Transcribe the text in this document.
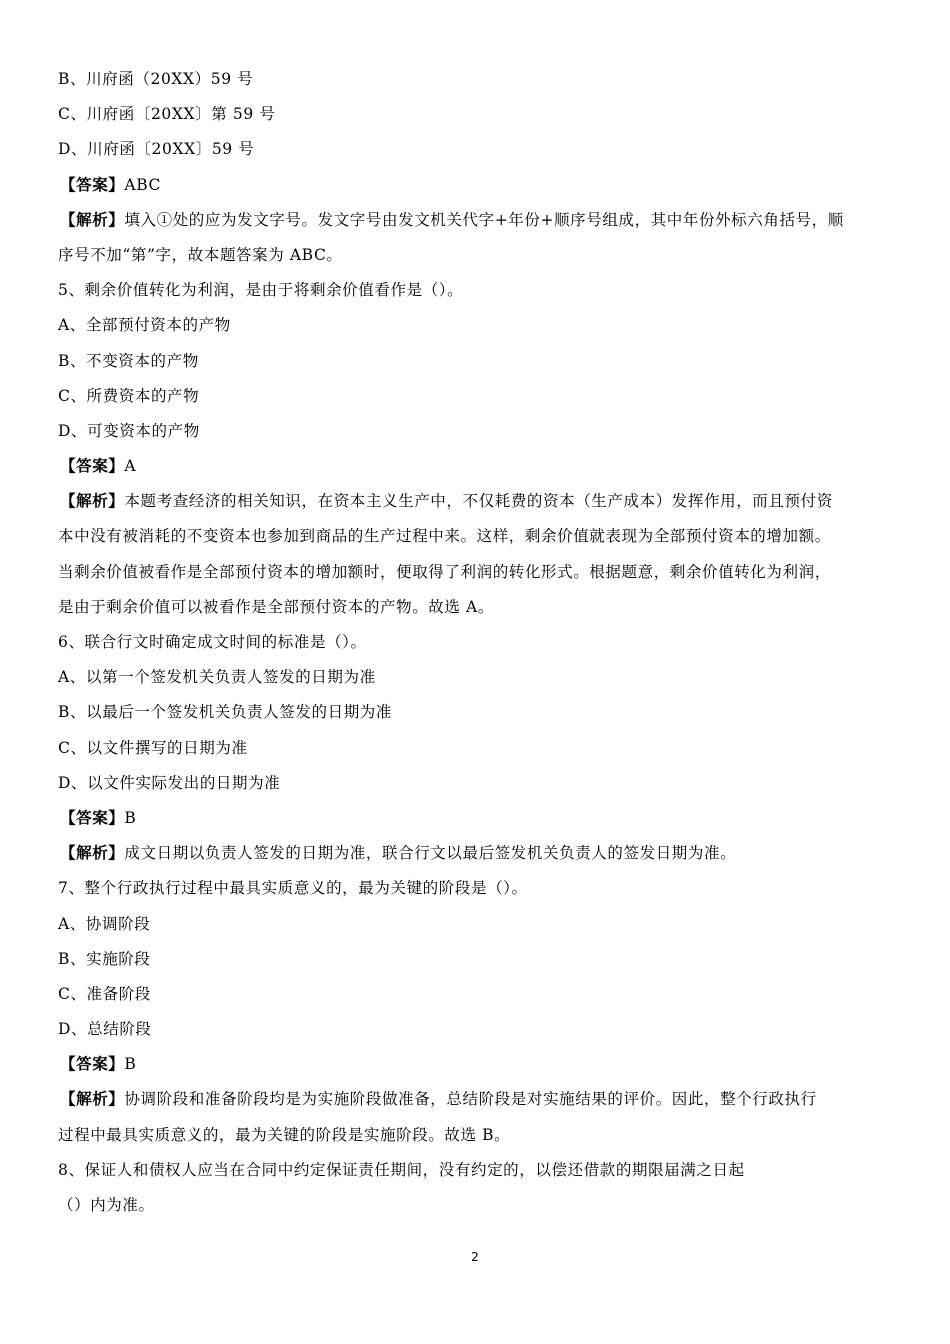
B、川府函（20XX）59 号
C、川府函〔20XX〕第 59 号
D、川府函〔20XX〕59 号
【答案】ABC
【解析】填入①处的应为发文字号。发文字号由发文机关代字+年份+顺序号组成，其中年份外标六角括号，顺
序号不加“第”字，故本题答案为 ABC。
5、剩余价值转化为利润，是由于将剩余价值看作是（）。
A、全部预付资本的产物
B、不变资本的产物
C、所费资本的产物
D、可变资本的产物
【答案】A
【解析】本题考查经济的相关知识，在资本主义生产中，不仅耗费的资本（生产成本）发挥作用，而且预付资
本中没有被消耗的不变资本也参加到商品的生产过程中来。这样，剩余价值就表现为全部预付资本的增加额。
当剩余价值被看作是全部预付资本的增加额时，便取得了利润的转化形式。根据题意，剩余价值转化为利润，
是由于剩余价值可以被看作是全部预付资本的产物。故选 A。
6、联合行文时确定成文时间的标准是（）。
A、以第一个签发机关负责人签发的日期为准
B、以最后一个签发机关负责人签发的日期为准
C、以文件撰写的日期为准
D、以文件实际发出的日期为准
【答案】B
【解析】成文日期以负责人签发的日期为准，联合行文以最后签发机关负责人的签发日期为准。
7、整个行政执行过程中最具实质意义的，最为关键的阶段是（）。
A、协调阶段
B、实施阶段
C、准备阶段
D、总结阶段
【答案】B
【解析】协调阶段和准备阶段均是为实施阶段做准备，总结阶段是对实施结果的评价。因此，整个行政执行
过程中最具实质意义的，最为关键的阶段是实施阶段。故选 B。
8、保证人和债权人应当在合同中约定保证责任期间，没有约定的，以偿还借款的期限届满之日起
（）内为准。
2
